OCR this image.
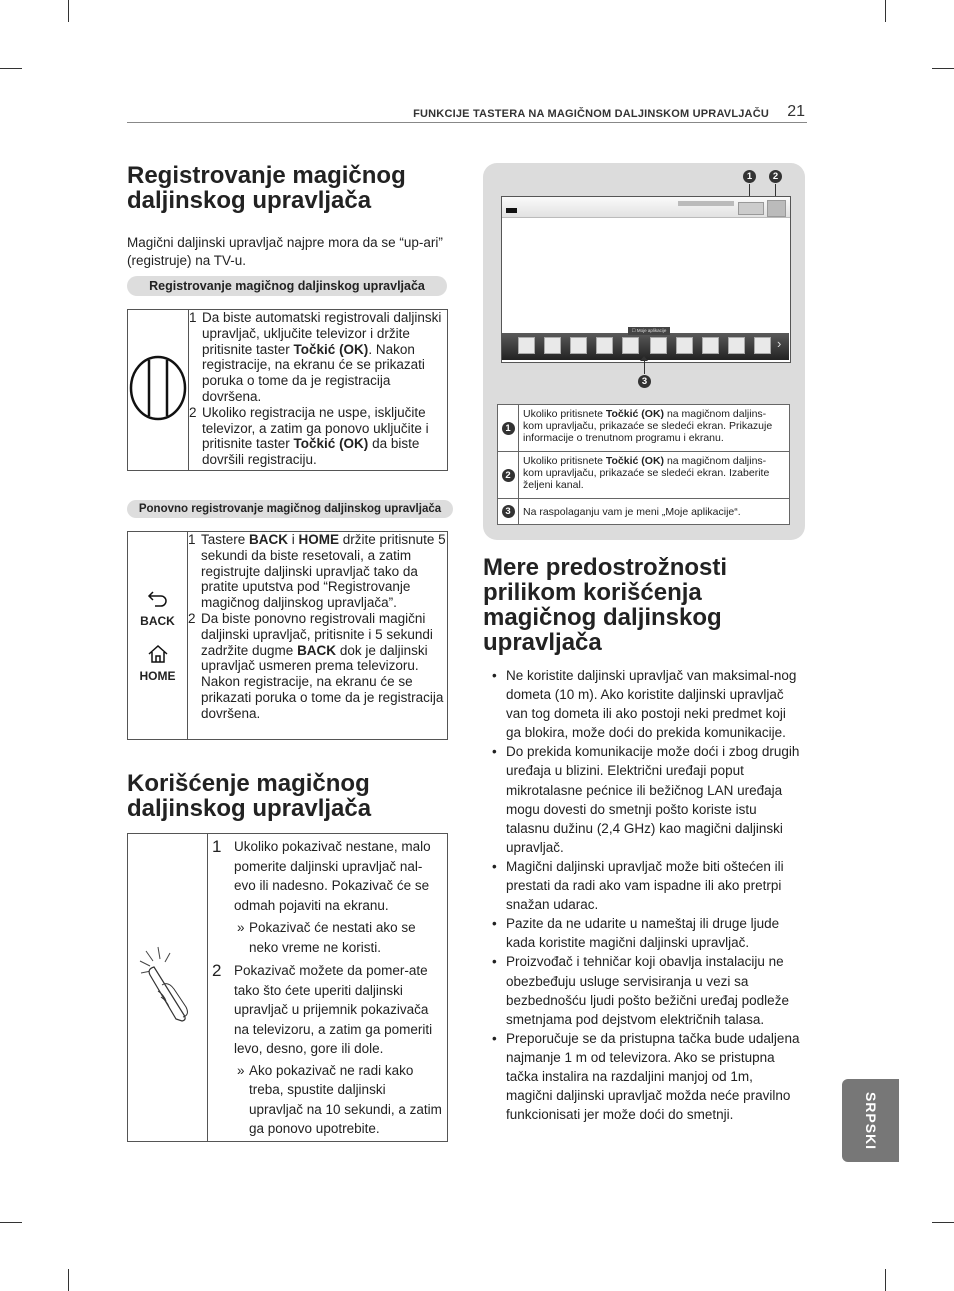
FUNKCIJE TASTERA NA MAGIČNOM DALJINSKOM UPRAVLJAČU 21
Registrovanje magičnog daljinskog upravljača
Magični daljinski upravljač najpre mora da se “up-ari” (registruje) na TV-u.
Registrovanje magičnog daljinskog upravljača

1 Da biste automatski registrovali daljinski upravljač, uključite televizor i držite pritisnite taster Točkić (OK). Nakon registracije, na ekranu će se prikazati poruka o tome da je registracija dovršena.
2 Ukoliko registracija ne uspe, isključite televizor, a zatim ga ponovo uključite i pritisnite taster Točkić (OK) da biste dovršili registraciju.
Ponovno registrovanje magičnog daljinskog upravljača
BACK
HOME

1 Tastere BACK i HOME držite pritisnute 5 sekundi da biste resetovali, a zatim registrujte daljinski upravljač tako da pratite uputstva pod “Registrovanje magičnog daljinskog upravljača”.
2 Da biste ponovno registrovali magični daljinski upravljač, pritisnite i 5 sekundi zadržite dugme BACK dok je daljinski upravljač usmeren prema televizoru. Nakon registracije, na ekranu će se prikazati poruka o tome da je registracija dovršena.
Korišćenje magičnog daljinskog upravljača

1 Ukoliko pokazivač nestane, malo pomerite daljinski upravljač nal-evo ili nadesno. Pokazivač će se odmah pojaviti na ekranu.
» Pokazivač će nestati ako se neko vreme ne koristi.
2 Pokazivač možete da pomer-ate tako što ćete uperiti daljinski upravljač u prijemnik pokazivača na televizoru, a zatim ga pomeriti levo, desno, gore ili dole.
» Ako pokazivač ne radi kako treba, spustite daljinski upravljač na 10 sekundi, a zatim ga ponovo upotrebite.
1	2
☐ Moje aplikacije
›
3
1	Ukoliko pritisnete Točkić (OK) na magičnom daljins-kom upravljaču, prikazaće se sledeći ekran. Prikazuje informacije o trenutnom programu i ekranu.
2	Ukoliko pritisnete Točkić (OK) na magičnom daljins-kom upravljaču, prikazaće se sledeći ekran. Izaberite željeni kanal.
3	Na raspolaganju vam je meni „Moje aplikacije“.
Mere predostrožnosti prilikom korišćenja magičnog daljinskog upravljača
• Ne koristite daljinski upravljač van maksimal-nog dometa (10 m). Ako koristite daljinski upravljač van tog dometa ili ako postoji neki predmet koji ga blokira, može doći do prekida komunikacije.
• Do prekida komunikacije može doći i zbog drugih uređaja u blizini. Električni uređaji poput mikrotalasne pećnice ili bežičnog LAN uređaja mogu dovesti do smetnji pošto koriste istu talasnu dužinu (2,4 GHz) kao magični daljinski upravljač.
• Magični daljinski upravljač može biti oštećen ili prestati da radi ako vam ispadne ili ako pretrpi snažan udarac.
• Pazite da ne udarite u nameštaj ili druge ljude kada koristite magični daljinski upravljač.
• Proizvođač i tehničar koji obavlja instalaciju ne obezbeđuju usluge servisiranja u vezi sa bezbednošću ljudi pošto bežični uređaj podleže smetnjama pod dejstvom električnih talasa.
• Preporučuje se da pristupna tačka bude udaljena najmanje 1 m od televizora. Ako se pristupna tačka instalira na razdaljini manjoj od 1m, magični daljinski upravljač možda neće pravilno funkcionisati jer može doći do smetnji.	SRPSKI
